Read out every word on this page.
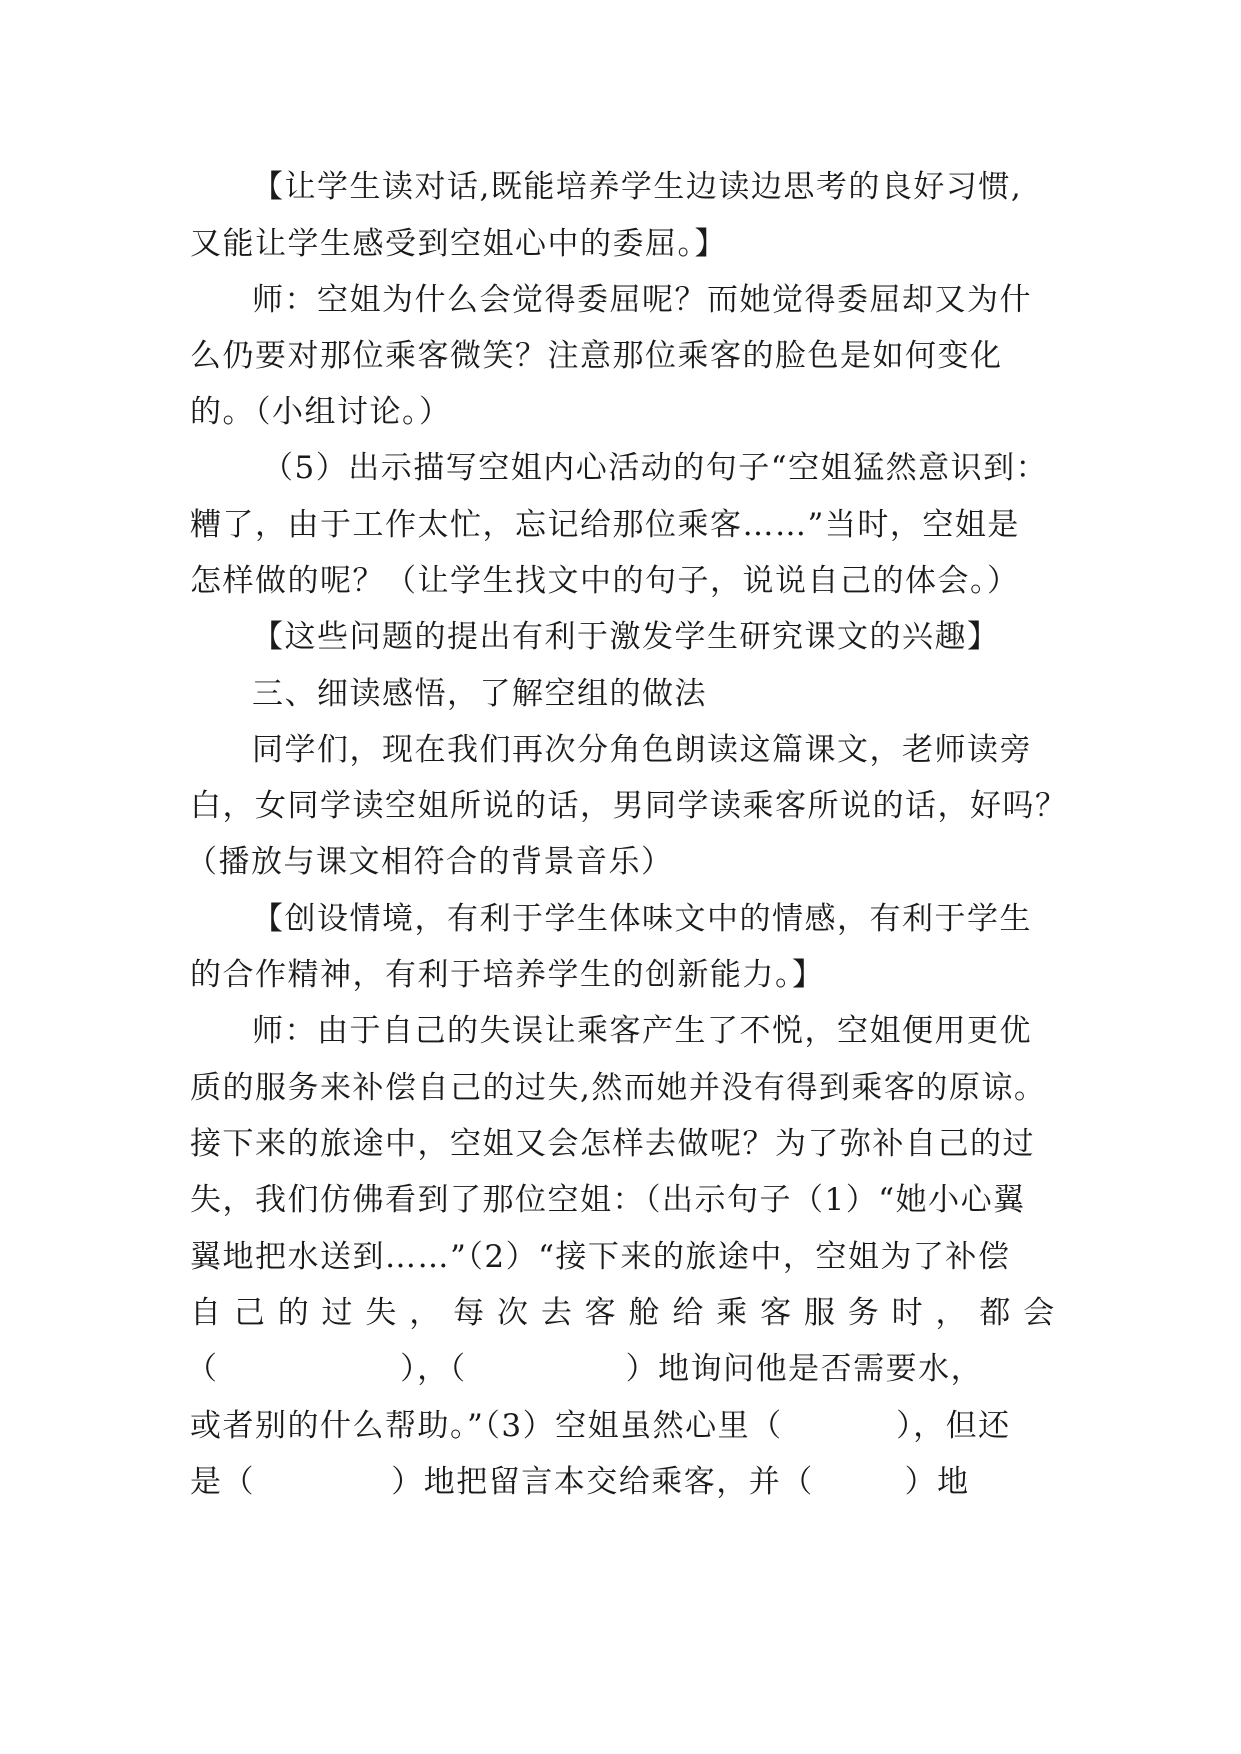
【让学生读对话,既能培养学生边读边思考的良好习惯,
又能让学生感受到空姐心中的委屈。】
师：空姐为什么会觉得委屈呢？而她觉得委屈却又为什
么仍要对那位乘客微笑？注意那位乘客的脸色是如何变化
的。（小组讨论。）
（5）出示描写空姐内心活动的句子“空姐猛然意识到：
糟了，由于工作太忙，忘记给那位乘客……”当时，空姐是
怎样做的呢？（让学生找文中的句子，说说自己的体会。）
【这些问题的提出有利于激发学生研究课文的兴趣】
三、细读感悟，了解空组的做法
同学们，现在我们再次分角色朗读这篇课文，老师读旁
白，女同学读空姐所说的话，男同学读乘客所说的话，好吗？
（播放与课文相符合的背景音乐）
【创设情境，有利于学生体味文中的情感，有利于学生
的合作精神，有利于培养学生的创新能力。】
师：由于自己的失误让乘客产生了不悦，空姐便用更优
质的服务来补偿自己的过失,然而她并没有得到乘客的原谅。
接下来的旅途中，空姐又会怎样去做呢？为了弥补自己的过
失，我们仿佛看到了那位空姐：（出示句子（1）“她小心翼
翼地把水送到……”（2）“接下来的旅途中，空姐为了补偿
自 己 的 过 失 ， 每 次 去 客 舱 给 乘 客 服 务 时 ， 都 会
（                ），（              ）地询问他是否需要水，
或者别的什么帮助。”（3）空姐虽然心里（          ），但还
是（            ）地把留言本交给乘客，并（        ）地
